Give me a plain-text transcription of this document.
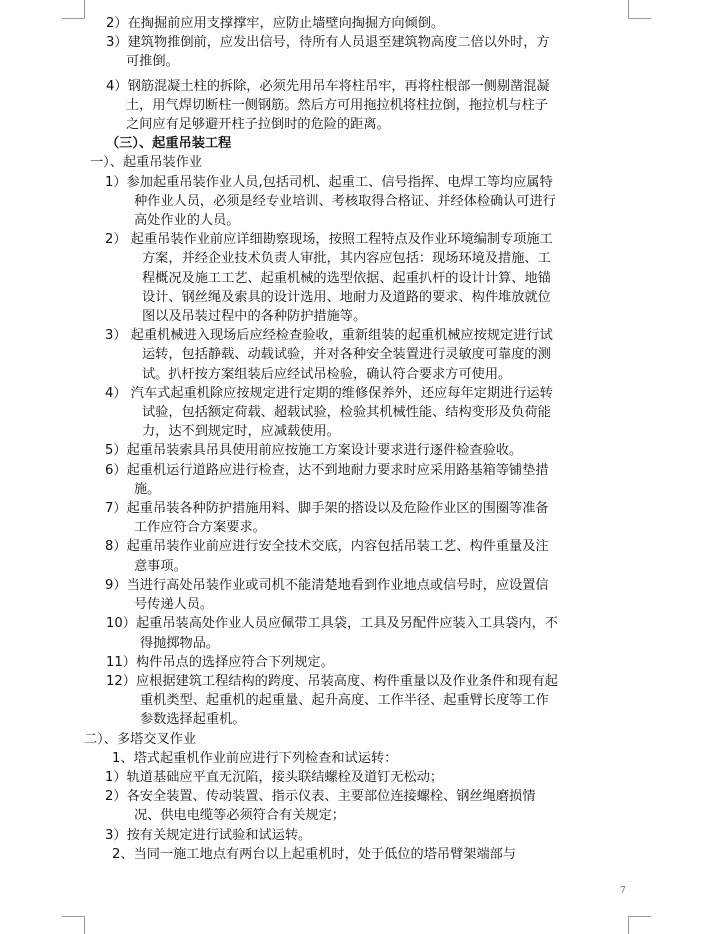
2）在掏掘前应用支撑撑牢，应防止墙壁向掏掘方向倾倒。

3）建筑物推倒前，应发出信号，待所有人员退至建筑物高度二倍以外时，方可推倒。

4）钢筋混凝土柱的拆除，必须先用吊车将柱吊牢，再将柱根部一侧剔凿混凝土，用气焊切断柱一侧钢筋。然后方可用拖拉机将柱拉倒，拖拉机与柱子之间应有足够避开柱子拉倒时的危险的距离。

（三）、起重吊装工程

一）、起重吊装作业

1）参加起重吊装作业人员,包括司机、起重工、信号指挥、电焊工等均应属特种作业人员，必须是经专业培训、考核取得合格证、并经体检确认可进行高处作业的人员。

2） 起重吊装作业前应详细勘察现场，按照工程特点及作业环境编制专项施工方案，并经企业技术负责人审批，其内容应包括：现场环境及措施、工程概况及施工工艺、起重机械的选型依据、起重扒杆的设计计算、地锚设计、钢丝绳及索具的设计选用、地耐力及道路的要求、构件堆放就位图以及吊装过程中的各种防护措施等。

3） 起重机械进入现场后应经检查验收，重新组装的起重机械应按规定进行试运转，包括静载、动载试验，并对各种安全装置进行灵敏度可靠度的测试。扒杆按方案组装后应经试吊检验，确认符合要求方可使用。

4） 汽车式起重机除应按规定进行定期的维修保养外，还应每年定期进行运转试验，包括额定荷载、超载试验，检验其机械性能、结构变形及负荷能力，达不到规定时，应减载使用。

5）起重吊装索具吊具使用前应按施工方案设计要求进行逐件检查验收。

6）起重机运行道路应进行检查，达不到地耐力要求时应采用路基箱等铺垫措施。

7）起重吊装各种防护措施用料、脚手架的搭设以及危险作业区的围圈等准备工作应符合方案要求。

8）起重吊装作业前应进行安全技术交底，内容包括吊装工艺、构件重量及注意事项。

9）当进行高处吊装作业或司机不能清楚地看到作业地点或信号时，应设置信号传递人员。

10）起重吊装高处作业人员应佩带工具袋，工具及另配件应装入工具袋内，不得抛掷物品。

11）构件吊点的选择应符合下列规定。

12）应根据建筑工程结构的跨度、吊装高度、构件重量以及作业条件和现有起重机类型、起重机的起重量、起升高度、工作半径、起重臂长度等工作参数选择起重机。

二）、多塔交叉作业

1、塔式起重机作业前应进行下列检查和试运转：

1）轨道基础应平直无沉陷，接头联结螺栓及道钉无松动；

2）各安全装置、传动装置、指示仪表、主要部位连接螺栓、钢丝绳磨损情况、供电电缆等必须符合有关规定；

3）按有关规定进行试验和试运转。

2、当同一施工地点有两台以上起重机时，处于低位的塔吊臂架端部与

7
